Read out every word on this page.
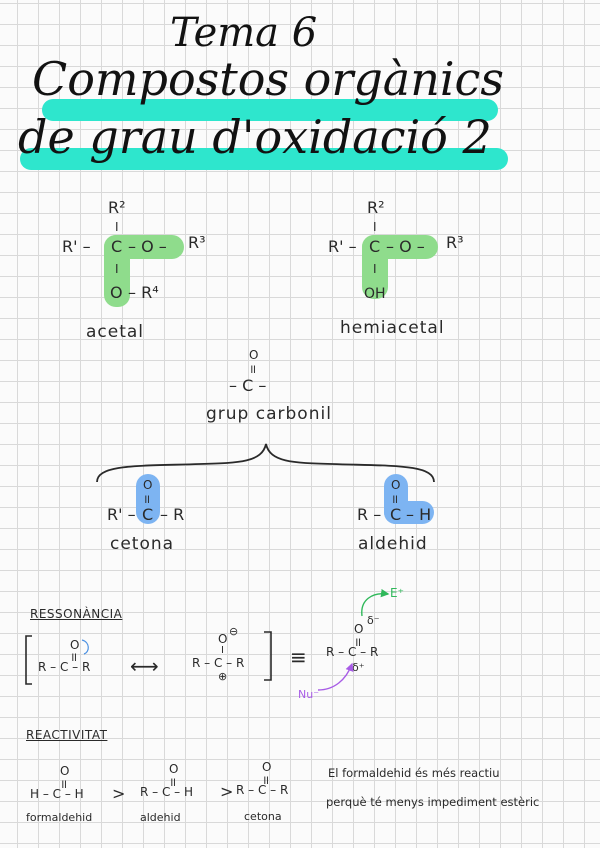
Tema 6
Compostos orgànics
de grau d'oxidació 2
R²
I
R' – C – O – R³
I
O – R⁴
acetal
R²
I
R' – C – O – R³
I
OH
hemiacetal
O
॥
– C –
grup carbonil
O
॥
R' – C – R
cetona
O
॥
R – C – H
aldehid
RESSONÀNCIA
O
॥
R – C – R ⟷
O
⊖
I
R – C – R
⊕
≡
O
δ⁻
॥
R – C – R
δ⁺
E⁺
Nu⁻
REACTIVITAT
O
॥
H – C – H
formaldehid
>
O
॥
R – C – H
aldehid
>
O
॥
R – C – R
cetona
El formaldehid és més reactiu
perquè té menys impediment estèric
